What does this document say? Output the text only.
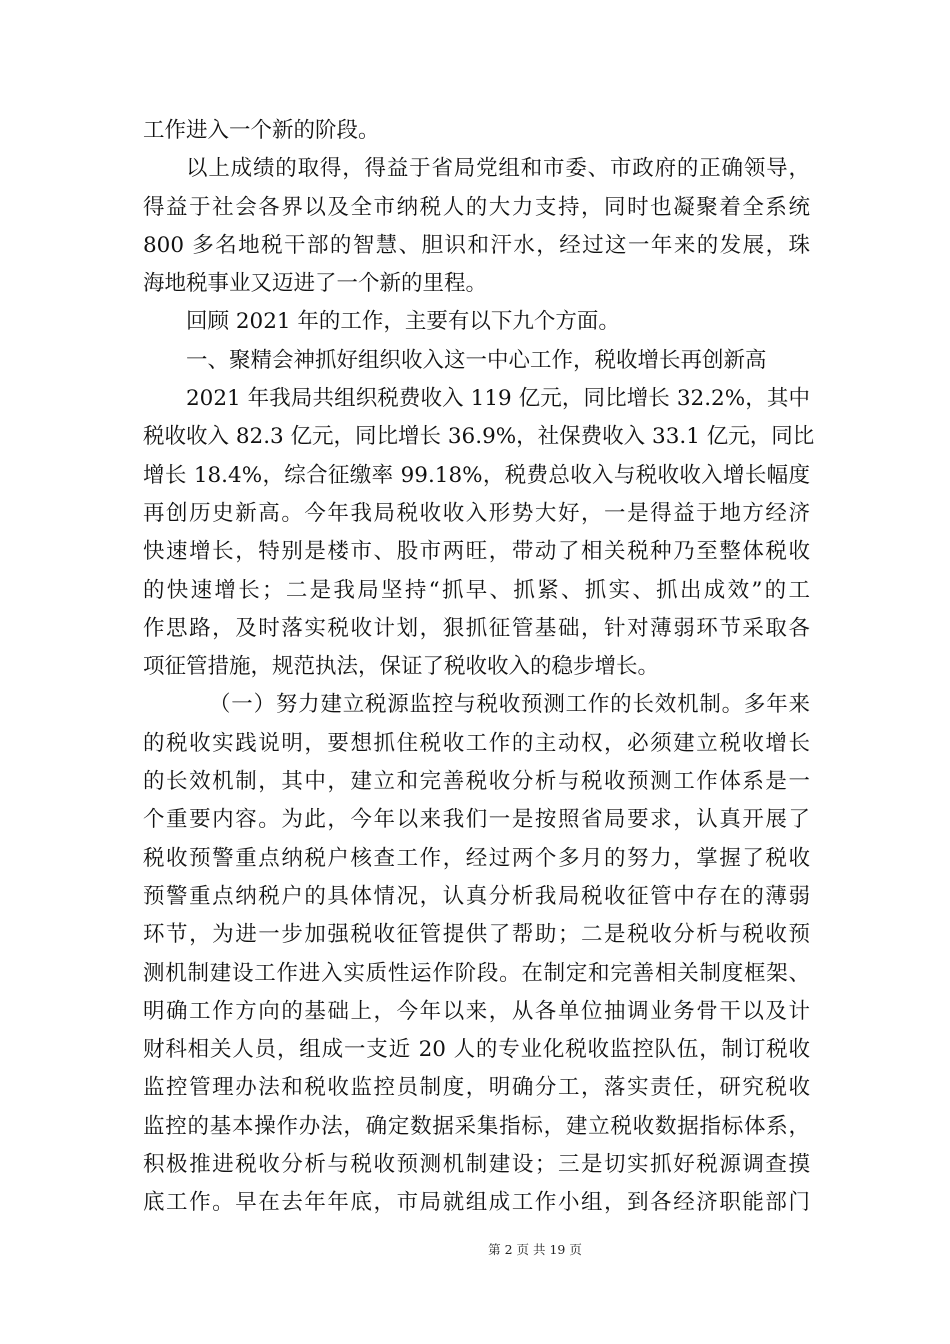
工作进入一个新的阶段。
以上成绩的取得，得益于省局党组和市委、市政府的正确领导，
得益于社会各界以及全市纳税人的大力支持，同时也凝聚着全系统
800 多名地税干部的智慧、胆识和汗水，经过这一年来的发展，珠
海地税事业又迈进了一个新的里程。
回顾 2021 年的工作，主要有以下九个方面。
一、聚精会神抓好组织收入这一中心工作，税收增长再创新高
2021 年我局共组织税费收入 119 亿元，同比增长 32.2%，其中
税收收入 82.3 亿元，同比增长 36.9%，社保费收入 33.1 亿元，同比
增长 18.4%，综合征缴率 99.18%，税费总收入与税收收入增长幅度
再创历史新高。今年我局税收收入形势大好，一是得益于地方经济
快速增长，特别是楼市、股市两旺，带动了相关税种乃至整体税收
的快速增长；二是我局坚持“抓早、抓紧、抓实、抓出成效”的工
作思路，及时落实税收计划，狠抓征管基础，针对薄弱环节采取各
项征管措施，规范执法，保证了税收收入的稳步增长。
（一）努力建立税源监控与税收预测工作的长效机制。多年来
的税收实践说明，要想抓住税收工作的主动权，必须建立税收增长
的长效机制，其中，建立和完善税收分析与税收预测工作体系是一
个重要内容。为此，今年以来我们一是按照省局要求，认真开展了
税收预警重点纳税户核查工作，经过两个多月的努力，掌握了税收
预警重点纳税户的具体情况，认真分析我局税收征管中存在的薄弱
环节，为进一步加强税收征管提供了帮助；二是税收分析与税收预
测机制建设工作进入实质性运作阶段。在制定和完善相关制度框架、
明确工作方向的基础上，今年以来，从各单位抽调业务骨干以及计
财科相关人员，组成一支近 20 人的专业化税收监控队伍，制订税收
监控管理办法和税收监控员制度，明确分工，落实责任，研究税收
监控的基本操作办法，确定数据采集指标，建立税收数据指标体系，
积极推进税收分析与税收预测机制建设；三是切实抓好税源调查摸
底工作。早在去年年底，市局就组成工作小组，到各经济职能部门
第 2 页 共 19 页
